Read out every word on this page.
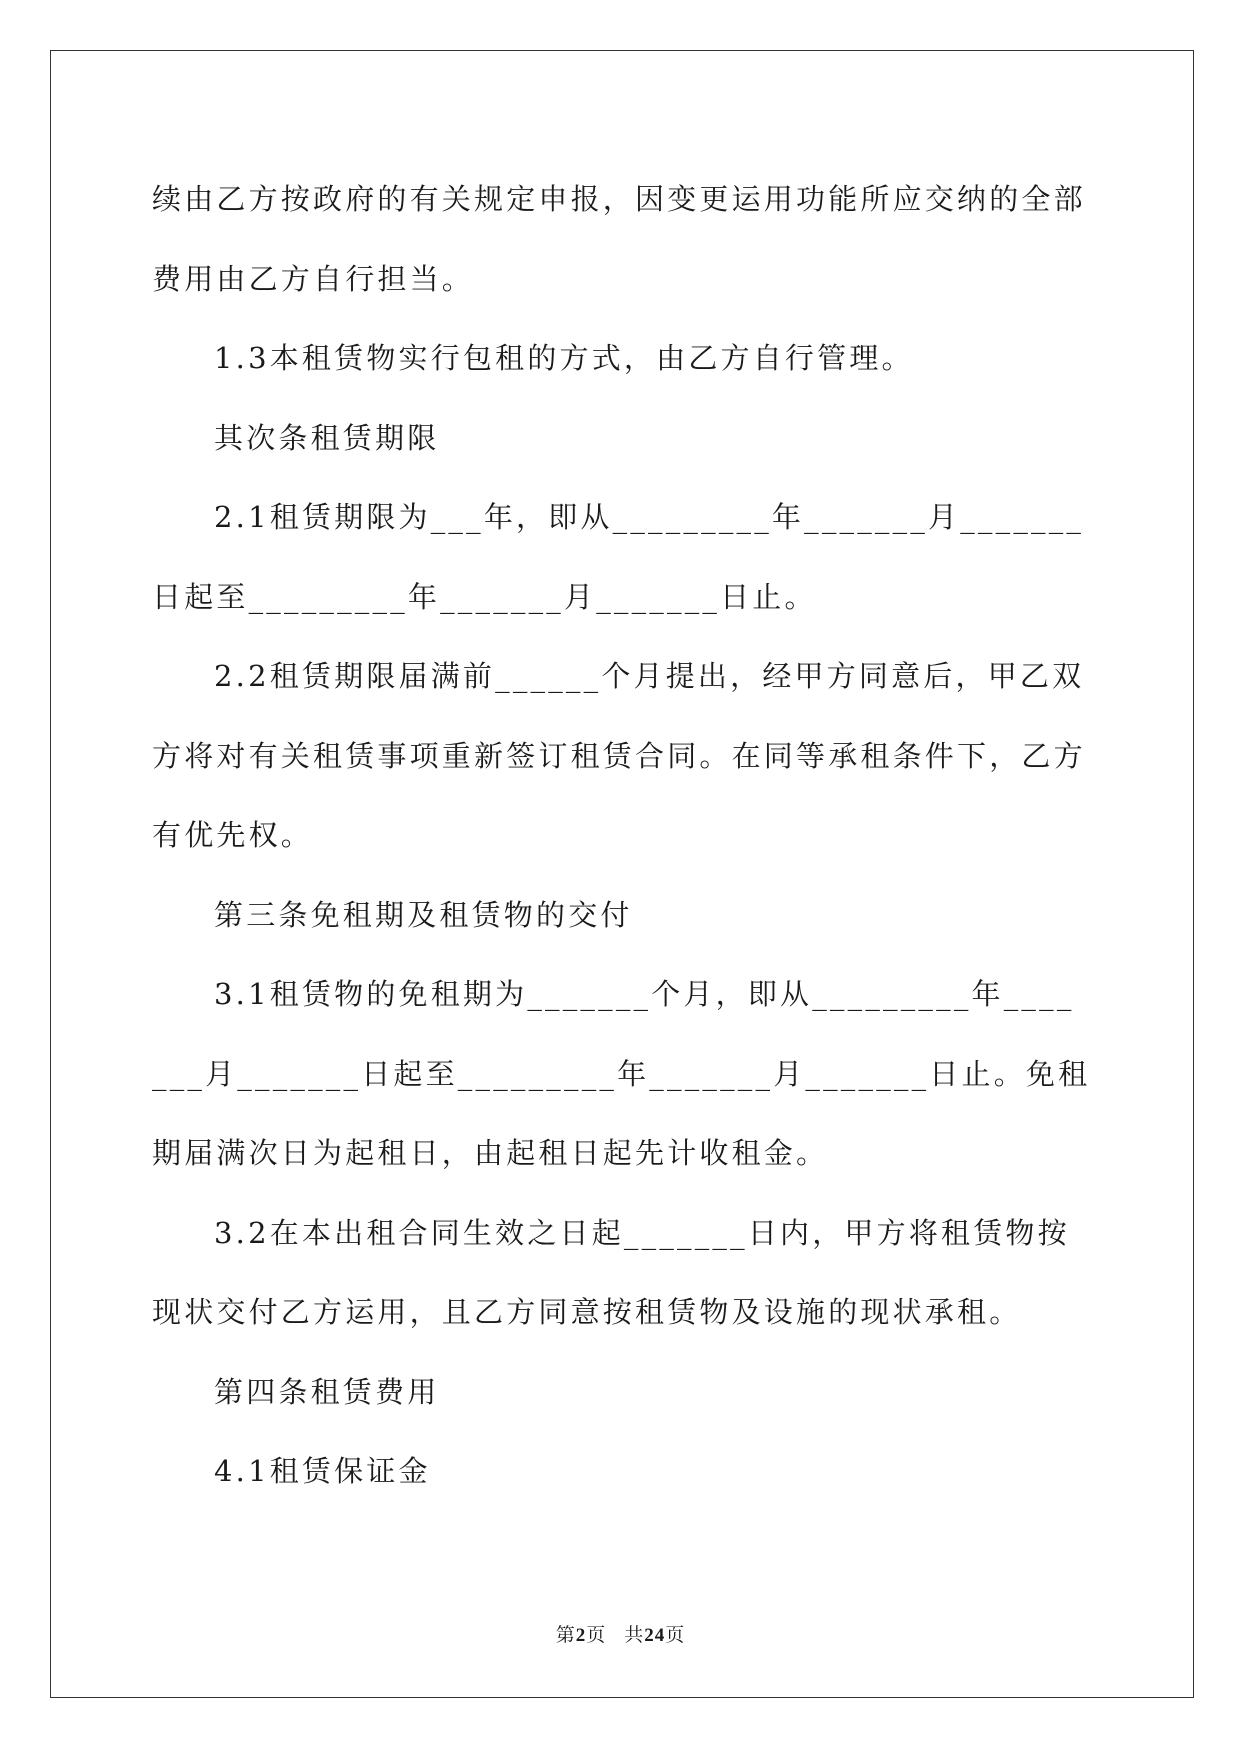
续由乙方按政府的有关规定申报，因变更运用功能所应交纳的全部费用由乙方自行担当。

1.3本租赁物实行包租的方式，由乙方自行管理。

其次条租赁期限

2.1租赁期限为___年，即从_________年_______月_______日起至_________年_______月_______日止。

2.2租赁期限届满前______个月提出，经甲方同意后，甲乙双方将对有关租赁事项重新签订租赁合同。在同等承租条件下，乙方有优先权。

第三条免租期及租赁物的交付

3.1租赁物的免租期为_______个月，即从_________年_______月_______日起至_________年_______月_______日止。免租期届满次日为起租日，由起租日起先计收租金。

3.2在本出租合同生效之日起_______日内，甲方将租赁物按现状交付乙方运用，且乙方同意按租赁物及设施的现状承租。

第四条租赁费用

4.1租赁保证金

第2页 共24页
